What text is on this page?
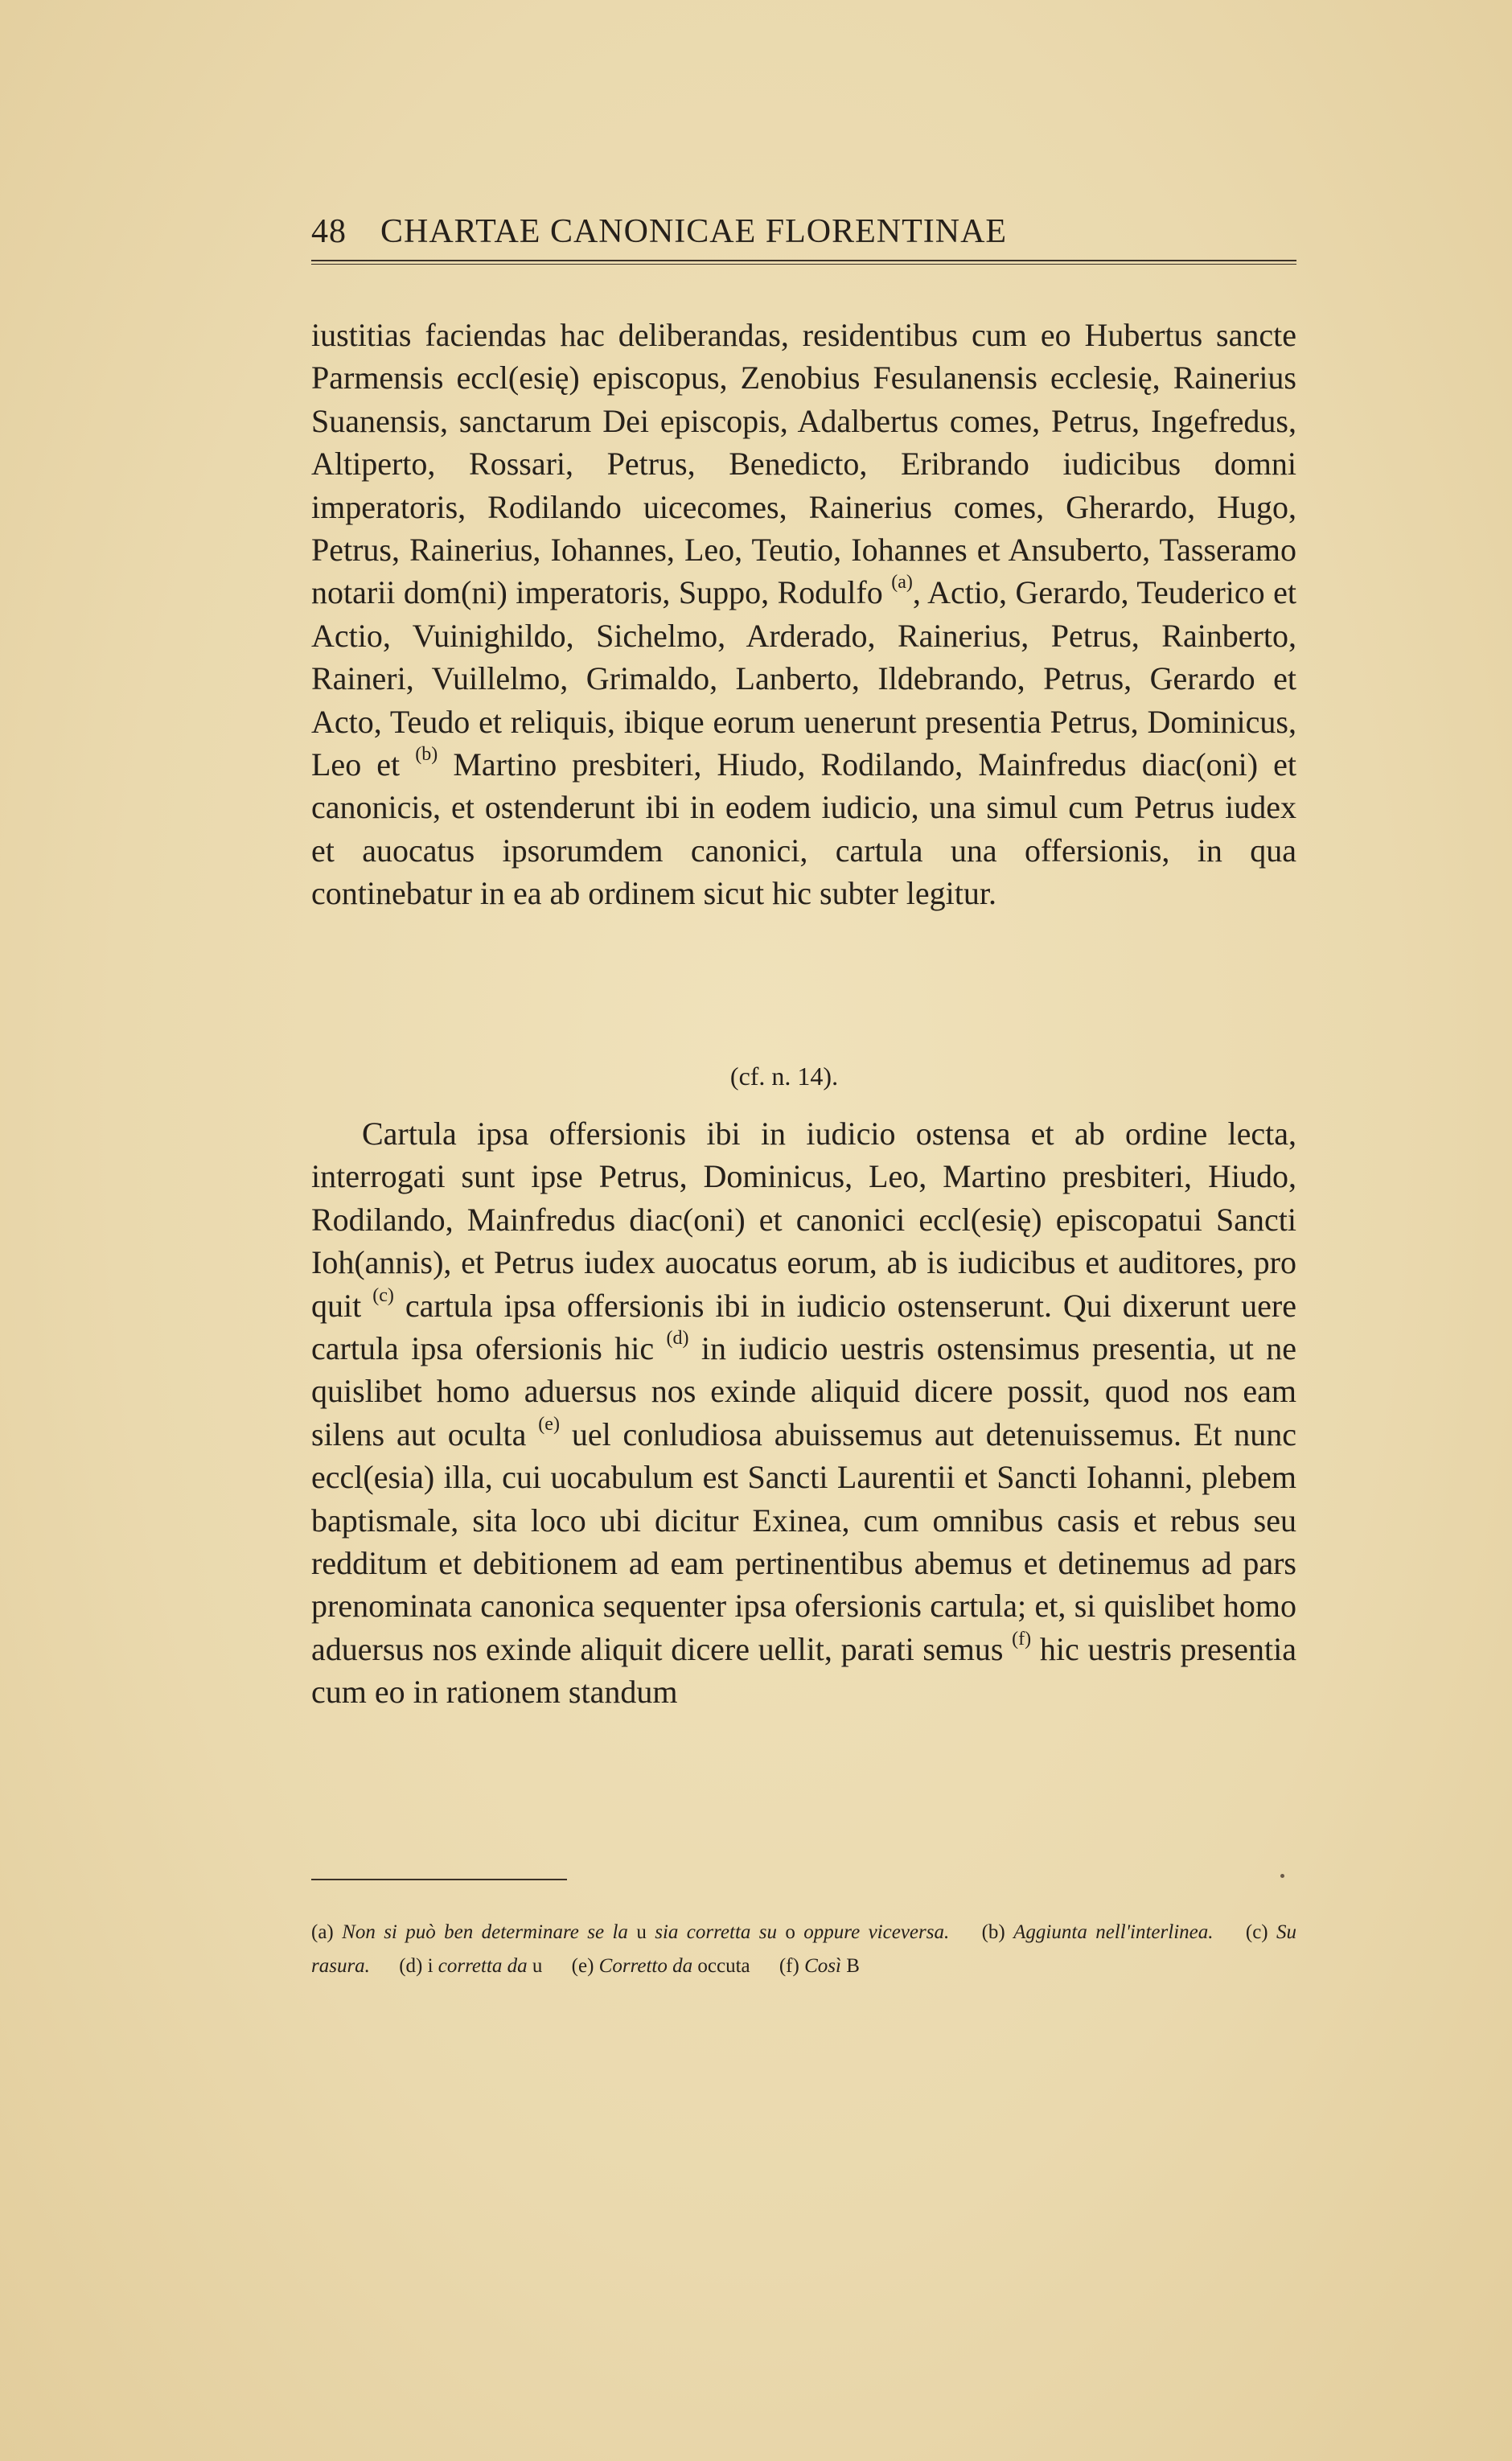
48 CHARTAE CANONICAE FLORENTINAE

iustitias faciendas hac deliberandas, residentibus cum eo Hubertus sancte Parmensis eccl(esię) episcopus, Zenobius Fesulanensis ecclesię, Rainerius Suanensis, sanctarum Dei episcopis, Adalbertus comes, Petrus, Ingefredus, Altiperto, Rossari, Petrus, Benedicto, Eribrando iudicibus domni imperatoris, Rodilando uicecomes, Rainerius comes, Gherardo, Hugo, Petrus, Rainerius, Iohannes, Leo, Teutio, Iohannes et Ansuberto, Tasseramo notarii dom(ni) imperatoris, Suppo, Rodulfo $^{(a)}$, Actio, Gerardo, Teuderico et Actio, Vuinighildo, Sichelmo, Arderado, Rainerius, Petrus, Rainberto, Raineri, Vuillelmo, Grimaldo, Lanberto, Ildebrando, Petrus, Gerardo et Acto, Teudo et reliquis, ibique eorum uenerunt presentia Petrus, Dominicus, Leo et $^{(b)}$ Martino presbiteri, Hiudo, Rodilando, Mainfredus diac(oni) et canonicis, et ostenderunt ibi in eodem iudicio, una simul cum Petrus iudex et auocatus ipsorumdem canonici, cartula una offersionis, in qua continebatur in ea ab ordinem sicut hic subter legitur.

(cf. n. 14).

Cartula ipsa offersionis ibi in iudicio ostensa et ab ordine lecta, interrogati sunt ipse Petrus, Dominicus, Leo, Martino presbiteri, Hiudo, Rodilando, Mainfredus diac(oni) et canonici eccl(esię) episcopatui Sancti Ioh(annis), et Petrus iudex auocatus eorum, ab is iudicibus et auditores, pro quit $^{(c)}$ cartula ipsa offersionis ibi in iudicio ostenserunt. Qui dixerunt uere cartula ipsa ofersionis hic $^{(d)}$ in iudicio uestris ostensimus presentia, ut ne quislibet homo aduersus nos exinde aliquid dicere possit, quod nos eam silens aut oculta $^{(e)}$ uel conludiosa abuissemus aut detenuissemus. Et nunc eccl(esia) illa, cui uocabulum est Sancti Laurentii et Sancti Iohanni, plebem baptismale, sita loco ubi dicitur Exinea, cum omnibus casis et rebus seu redditum et debitionem ad eam pertinentibus abemus et detinemus ad pars prenominata canonica sequenter ipsa ofersionis cartula; et, si quislibet homo aduersus nos exinde aliquit dicere uellit, parati semus $^{(f)}$ hic uestris presentia cum eo in rationem standum

(a) Non si può ben determinare se la u sia corretta su o oppure viceversa. (b) Aggiunta nell'interlinea. (c) Su rasura. (d) i corretta da u (e) Corretto da occuta (f) Così B
